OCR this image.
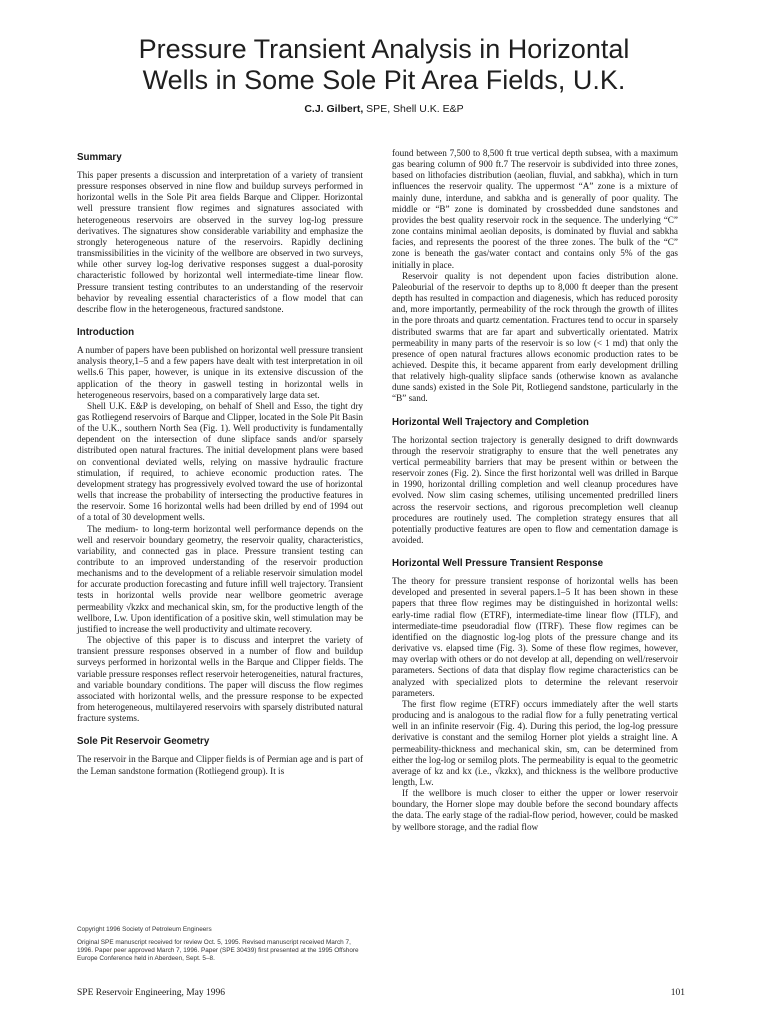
Pressure Transient Analysis in Horizontal
Wells in Some Sole Pit Area Fields, U.K.
C.J. Gilbert, SPE, Shell U.K. E&P
Summary

This paper presents a discussion and interpretation of a variety of transient pressure responses observed in nine flow and buildup surveys performed in horizontal wells in the Sole Pit area fields Barque and Clipper. Horizontal well pressure transient flow regimes and signatures associated with heterogeneous reservoirs are observed in the survey log-log pressure derivatives. The signatures show considerable variability and emphasize the strongly heterogeneous nature of the reservoirs. Rapidly declining transmissibilities in the vicinity of the wellbore are observed in two surveys, while other survey log-log derivative responses suggest a dual-porosity characteristic followed by horizontal well intermediate-time linear flow. Pressure transient testing contributes to an understanding of the reservoir behavior by revealing essential characteristics of a flow model that can describe flow in the heterogeneous, fractured sandstone.

Introduction

A number of papers have been published on horizontal well pressure transient analysis theory,1–5 and a few papers have dealt with test interpretation in oil wells.6 This paper, however, is unique in its extensive discussion of the application of the theory in gaswell testing in horizontal wells in heterogeneous reservoirs, based on a comparatively large data set.

Shell U.K. E&P is developing, on behalf of Shell and Esso, the tight dry gas Rotliegend reservoirs of Barque and Clipper, located in the Sole Pit Basin of the U.K., southern North Sea (Fig. 1). Well productivity is fundamentally dependent on the intersection of dune slipface sands and/or sparsely distributed open natural fractures. The initial development plans were based on conventional deviated wells, relying on massive hydraulic fracture stimulation, if required, to achieve economic production rates. The development strategy has progressively evolved toward the use of horizontal wells that increase the probability of intersecting the productive features in the reservoir. Some 16 horizontal wells had been drilled by end of 1994 out of a total of 30 development wells.

The medium- to long-term horizontal well performance depends on the well and reservoir boundary geometry, the reservoir quality, characteristics, variability, and connected gas in place. Pressure transient testing can contribute to an improved understanding of the reservoir production mechanisms and to the development of a reliable reservoir simulation model for accurate production forecasting and future infill well trajectory. Transient tests in horizontal wells provide near wellbore geometric average permeability √kzkx and mechanical skin, sm, for the productive length of the wellbore, Lw. Upon identification of a positive skin, well stimulation may be justified to increase the well productivity and ultimate recovery.

The objective of this paper is to discuss and interpret the variety of transient pressure responses observed in a number of flow and buildup surveys performed in horizontal wells in the Barque and Clipper fields. The variable pressure responses reflect reservoir heterogeneities, natural fractures, and variable boundary conditions. The paper will discuss the flow regimes associated with horizontal wells, and the pressure response to be expected from heterogeneous, multilayered reservoirs with sparsely distributed natural fracture systems.

Sole Pit Reservoir Geometry

The reservoir in the Barque and Clipper fields is of Permian age and is part of the Leman sandstone formation (Rotliegend group). It is

Copyright 1996 Society of Petroleum Engineers

Original SPE manuscript received for review Oct. 5, 1995. Revised manuscript received March 7, 1996. Paper peer approved March 7, 1996. Paper (SPE 30439) first presented at the 1995 Offshore Europe Conference held in Aberdeen, Sept. 5–8.

found between 7,500 to 8,500 ft true vertical depth subsea, with a maximum gas bearing column of 900 ft.7 The reservoir is subdivided into three zones, based on lithofacies distribution (aeolian, fluvial, and sabkha), which in turn influences the reservoir quality. The uppermost “A” zone is a mixture of mainly dune, interdune, and sabkha and is generally of poor quality. The middle or “B” zone is dominated by crossbedded dune sandstones and provides the best quality reservoir rock in the sequence. The underlying “C” zone contains minimal aeolian deposits, is dominated by fluvial and sabkha facies, and represents the poorest of the three zones. The bulk of the “C” zone is beneath the gas/water contact and contains only 5% of the gas initially in place.

Reservoir quality is not dependent upon facies distribution alone. Paleoburial of the reservoir to depths up to 8,000 ft deeper than the present depth has resulted in compaction and diagenesis, which has reduced porosity and, more importantly, permeability of the rock through the growth of illites in the pore throats and quartz cementation. Fractures tend to occur in sparsely distributed swarms that are far apart and subvertically orientated. Matrix permeability in many parts of the reservoir is so low (< 1 md) that only the presence of open natural fractures allows economic production rates to be achieved. Despite this, it became apparent from early development drilling that relatively high-quality slipface sands (otherwise known as avalanche dune sands) existed in the Sole Pit, Rotliegend sandstone, particularly in the “B” sand.

Horizontal Well Trajectory and Completion

The horizontal section trajectory is generally designed to drift downwards through the reservoir stratigraphy to ensure that the well penetrates any vertical permeability barriers that may be present within or between the reservoir zones (Fig. 2). Since the first horizontal well was drilled in Barque in 1990, horizontal drilling completion and well cleanup procedures have evolved. Now slim casing schemes, utilising uncemented predrilled liners across the reservoir sections, and rigorous precompletion well cleanup procedures are routinely used. The completion strategy ensures that all potentially productive features are open to flow and cementation damage is avoided.

Horizontal Well Pressure Transient Response

The theory for pressure transient response of horizontal wells has been developed and presented in several papers.1–5 It has been shown in these papers that three flow regimes may be distinguished in horizontal wells: early-time radial flow (ETRF), intermediate-time linear flow (ITLF), and intermediate-time pseudoradial flow (ITRF). These flow regimes can be identified on the diagnostic log-log plots of the pressure change and its derivative vs. elapsed time (Fig. 3). Some of these flow regimes, however, may overlap with others or do not develop at all, depending on well/reservoir parameters. Sections of data that display flow regime characteristics can be analyzed with specialized plots to determine the relevant reservoir parameters.

The first flow regime (ETRF) occurs immediately after the well starts producing and is analogous to the radial flow for a fully penetrating vertical well in an infinite reservoir (Fig. 4). During this period, the log-log pressure derivative is constant and the semilog Horner plot yields a straight line. A permeability-thickness and mechanical skin, sm, can be determined from either the log-log or semilog plots. The permeability is equal to the geometric average of kz and kx (i.e., √kzkx), and thickness is the wellbore productive length, Lw.

If the wellbore is much closer to either the upper or lower reservoir boundary, the Horner slope may double before the second boundary affects the data. The early stage of the radial-flow period, however, could be masked by wellbore storage, and the radial flow

SPE Reservoir Engineering, May 1996	101
